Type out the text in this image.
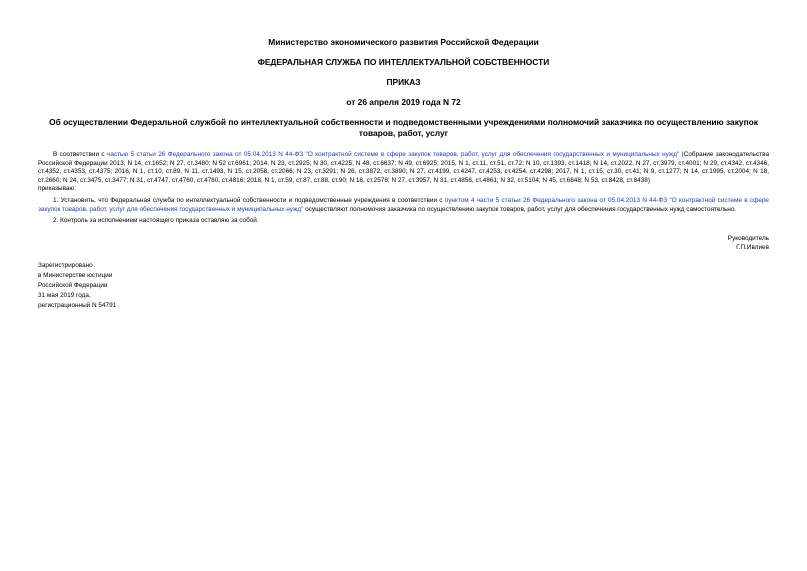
Министерство экономического развития Российской Федерации
ФЕДЕРАЛЬНАЯ СЛУЖБА ПО ИНТЕЛЛЕКТУАЛЬНОЙ СОБСТВЕННОСТИ
ПРИКАЗ
от 26 апреля 2019 года N 72
Об осуществлении Федеральной службой по интеллектуальной собственности и подведомственными учреждениями полномочий заказчика по осуществлению закупок товаров, работ, услуг
В соответствии с частью 5 статьи 26 Федерального закона от 05.04.2013 N 44-ФЗ "О контрактной системе в сфере закупок товаров, работ, услуг для обеспечения государственных и муниципальных нужд" (Собрание законодательства Российской Федерации 2013, N 14, ст.1652; N 27, ст.3480; N 52 ст.6961; 2014, N 23, ст.2925; N 30, ст.4225; N 48, ст.6637; N 49, ст.6925; 2015, N 1, ст.11, ст.51, ст.72; N 10, ст.1393, ст.1418; N 14, ст.2022, N 27, ст.3979, ст.4001; N 29, ст.4342, ст.4346, ст.4352, ст.4353, ст.4375; 2016, N 1, ст.10, ст.89, N 11, ст.1493, N 15, ст.2058, ст.2066; N 23, ст.3291; N 26, ст.3872, ст.3890; N 27, ст.4199, ст.4247, ст.4253, ст.4254, ст.4298; 2017, N 1, ст.15, ст.30, ст.41; N 9, ст.1277; N 14, ст.1995, ст.2004; N 18, ст.2660; N 24, ст.3475, ст.3477; N 31, ст.4747, ст.4760, ст.4780, ст.4816; 2018, N 1, ст.59, ст.87, ст.88, ст.90; N 18, ст.2578; N 27, ст.3957, N 31, ст.4856, ст.4861; N 32, ст.5104; N 45, ст.6848; N 53, ст.8428, ст.8438)
приказываю:
1. Установить, что Федеральная служба по интеллектуальной собственности и подведомственные учреждения в соответствии с пунктом 4 части 5 статьи 26 Федерального закона от 05.04.2013 N 44-ФЗ "О контрактной системе в сфере закупок товаров, работ, услуг для обеспечения государственных и муниципальных нужд" осуществляют полномочия заказчика по осуществлению закупок товаров, работ, услуг для обеспечения государственных нужд самостоятельно.
2. Контроль за исполнением настоящего приказа оставляю за собой.
Руководитель
Г.П.Ивлиев
Зарегистрировано
в Министерстве юстиции
Российской Федерации
31 мая 2019 года,
регистрационный N 54791
